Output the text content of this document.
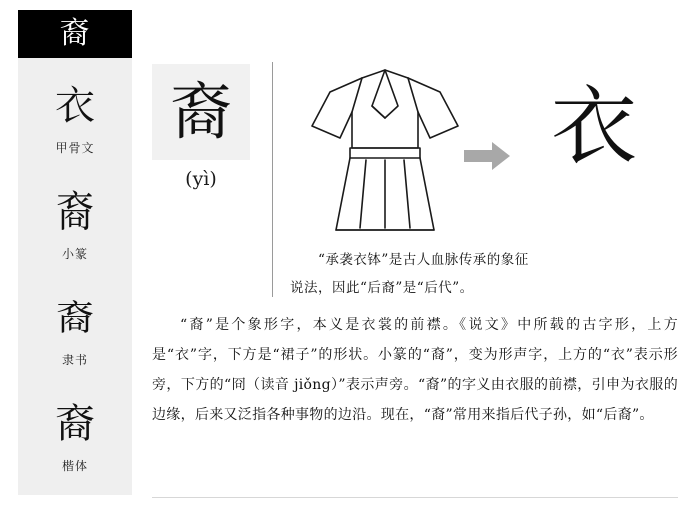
裔
衣
甲骨文
裔
小篆
裔
隶书
裔
楷体
裔
(yì)
衣
“承袭衣钵”是古人血脉传承的象征
说法，因此“后裔”是“后代”。

“裔”是个象形字，本义是衣裳的前襟。《说文》中所载的古字形，上方是“衣”字，下方是“裙子”的形状。小篆的“裔”，变为形声字，上方的“衣”表示形旁，下方的“冏（读音 jiǒng）”表示声旁。“裔”的字义由衣服的前襟，引申为衣服的边缘，后来又泛指各种事物的边沿。现在，“裔”常用来指后代子孙，如“后裔”。
